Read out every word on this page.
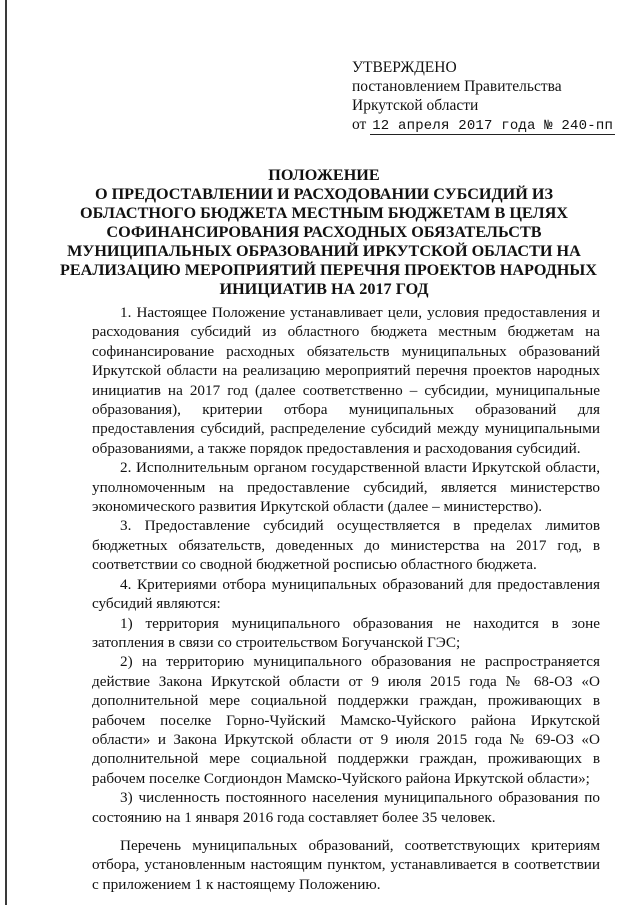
УТВЕРЖДЕНО
постановлением Правительства
Иркутской области
от 12 апреля 2017 года № 240-пп
ПОЛОЖЕНИЕ
О ПРЕДОСТАВЛЕНИИ И РАСХОДОВАНИИ СУБСИДИЙ ИЗ
ОБЛАСТНОГО БЮДЖЕТА МЕСТНЫМ БЮДЖЕТАМ В ЦЕЛЯХ
СОФИНАНСИРОВАНИЯ РАСХОДНЫХ ОБЯЗАТЕЛЬСТВ
МУНИЦИПАЛЬНЫХ ОБРАЗОВАНИЙ ИРКУТСКОЙ ОБЛАСТИ НА
РЕАЛИЗАЦИЮ МЕРОПРИЯТИЙ ПЕРЕЧНЯ ПРОЕКТОВ НАРОДНЫХ
ИНИЦИАТИВ НА 2017 ГОД

1. Настоящее Положение устанавливает цели, условия предоставления и расходования субсидий из областного бюджета местным бюджетам на софинансирование расходных обязательств муниципальных образований Иркутской области на реализацию мероприятий перечня проектов народных инициатив на 2017 год (далее соответственно – субсидии, муниципальные образования), критерии отбора муниципальных образований для предоставления субсидий, распределение субсидий между муниципальными образованиями, а также порядок предоставления и расходования субсидий.

2. Исполнительным органом государственной власти Иркутской области, уполномоченным на предоставление субсидий, является министерство экономического развития Иркутской области (далее – министерство).

3. Предоставление субсидий осуществляется в пределах лимитов бюджетных обязательств, доведенных до министерства на 2017 год, в соответствии со сводной бюджетной росписью областного бюджета.

4. Критериями отбора муниципальных образований для предоставления субсидий являются:

1) территория муниципального образования не находится в зоне затопления в связи со строительством Богучанской ГЭС;

2) на территорию муниципального образования не распространяется действие Закона Иркутской области от 9 июля 2015 года № 68-ОЗ «О дополнительной мере социальной поддержки граждан, проживающих в рабочем поселке Горно-Чуйский Мамско-Чуйского района Иркутской области» и Закона Иркутской области от 9 июля 2015 года № 69-ОЗ «О дополнительной мере социальной поддержки граждан, проживающих в рабочем поселке Согдиондон Мамско-Чуйского района Иркутской области»;

3) численность постоянного населения муниципального образования по состоянию на 1 января 2016 года составляет более 35 человек.

Перечень муниципальных образований, соответствующих критериям отбора, установленным настоящим пунктом, устанавливается в соответствии с приложением 1 к настоящему Положению.
